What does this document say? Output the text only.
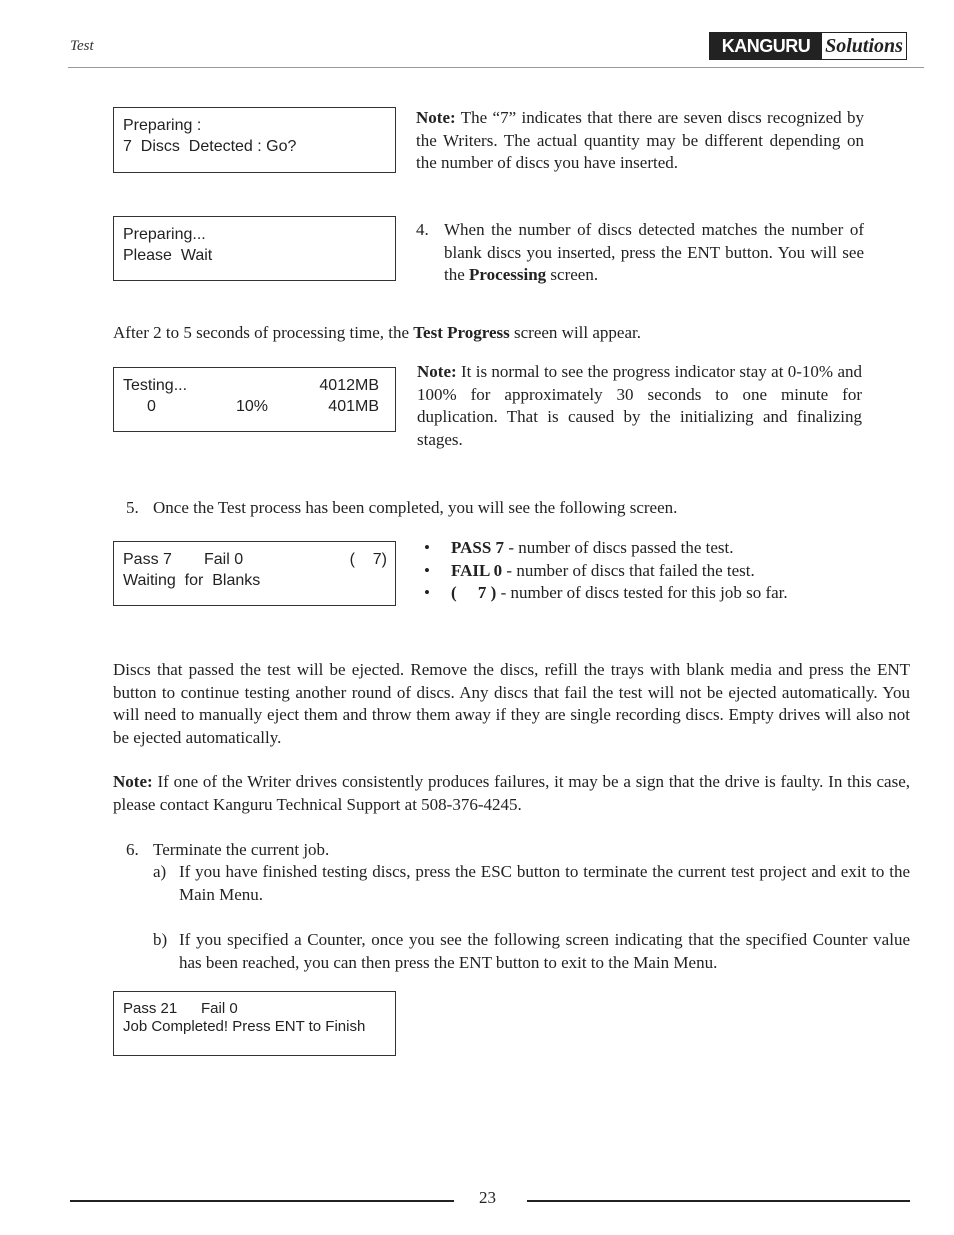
Test	KANGURU Solutions
Preparing :
7  Discs  Detected : Go?
Note: The “7” indicates that there are seven discs recognized by the Writers. The actual quantity may be different depending on the number of discs you have inserted.
Preparing...
Please  Wait
4. When the number of discs detected matches the number of blank discs you inserted, press the ENT button. You will see the Processing screen.
After 2 to 5 seconds of processing time, the Test Progress screen will appear.
Testing...	4012MB
0	10%	401MB
Note: It is normal to see the progress indicator stay at 0-10% and 100% for approximately 30 seconds to one minute for duplication. That is caused by the initializing and finalizing stages.
5. Once the Test process has been completed, you will see the following screen.
Pass 7 Fail 0	(    7)
Waiting  for  Blanks
• PASS 7 - number of discs passed the test.
• FAIL 0 - number of discs that failed the test.
• (     7 ) - number of discs tested for this job so far.
Discs that passed the test will be ejected. Remove the discs, refill the trays with blank media and press the ENT button to continue testing another round of discs. Any discs that fail the test will not be ejected automatically. You will need to manually eject them and throw them away if they are single recording discs. Empty drives will also not be ejected automatically.
Note: If one of the Writer drives consistently produces failures, it may be a sign that the drive is faulty. In this case, please contact Kanguru Technical Support at 508-376-4245.
6. Terminate the current job.
a) If you have finished testing discs, press the ESC button to terminate the current test project and exit to the Main Menu.
b) If you specified a Counter, once you see the following screen indicating that the specified Counter value has been reached, you can then press the ENT button to exit to the Main Menu.
Pass 21 Fail 0
Job Completed! Press ENT to Finish
23
